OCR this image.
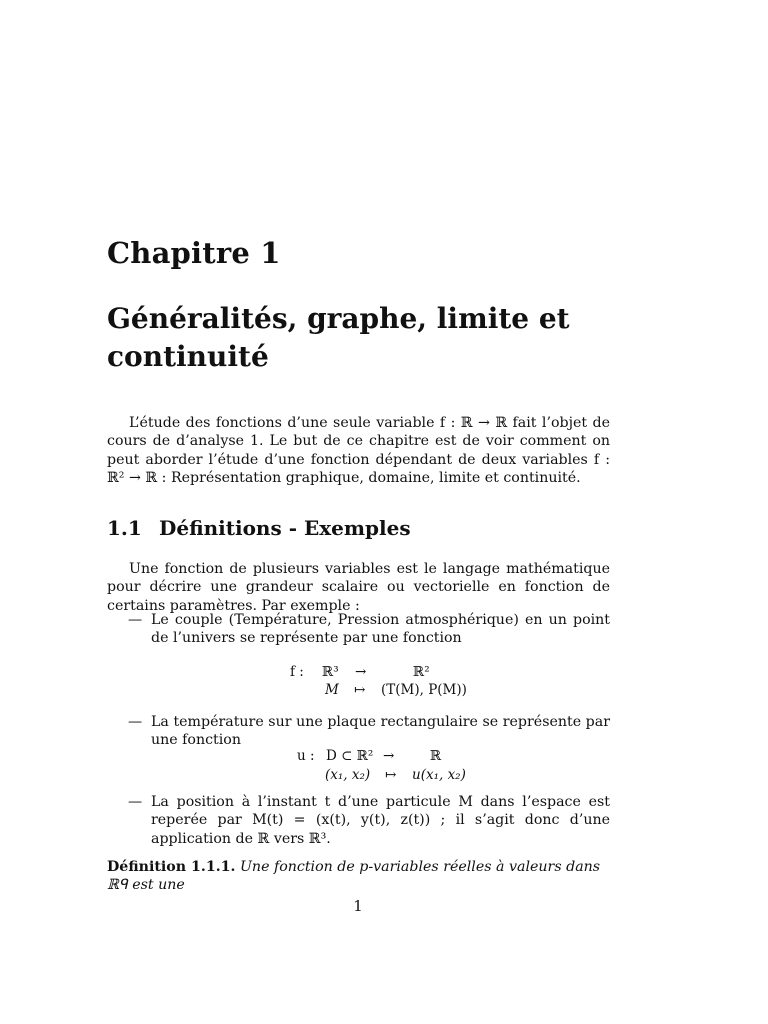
Chapitre 1
Généralités, graphe, limite et continuité
L’étude des fonctions d’une seule variable f : ℝ → ℝ fait l’objet de cours de d’analyse 1. Le but de ce chapitre est de voir comment on peut aborder l’étude d’une fonction dépendant de deux variables f : ℝ² → ℝ : Représentation graphique, domaine, limite et continuité.
1.1 Définitions - Exemples
Une fonction de plusieurs variables est le langage mathématique pour décrire une grandeur scalaire ou vectorielle en fonction de certains paramètres. Par exemple :
— Le couple (Température, Pression atmosphérique) en un point de l’univers se représente par une fonction
f : ℝ³ →	ℝ²
M ↦ (T(M), P(M))
— La température sur une plaque rectangulaire se représente par une fonction
u : D ⊂ ℝ² →	ℝ
(x₁, x₂) ↦ u(x₁, x₂)
— La position à l’instant t d’une particule M dans l’espace est reperée par M(t) = (x(t), y(t), z(t)) ; il s’agit donc d’une application de ℝ vers ℝ³.
Définition 1.1.1. Une fonction de p-variables réelles à valeurs dans ℝᑫ est une
1
